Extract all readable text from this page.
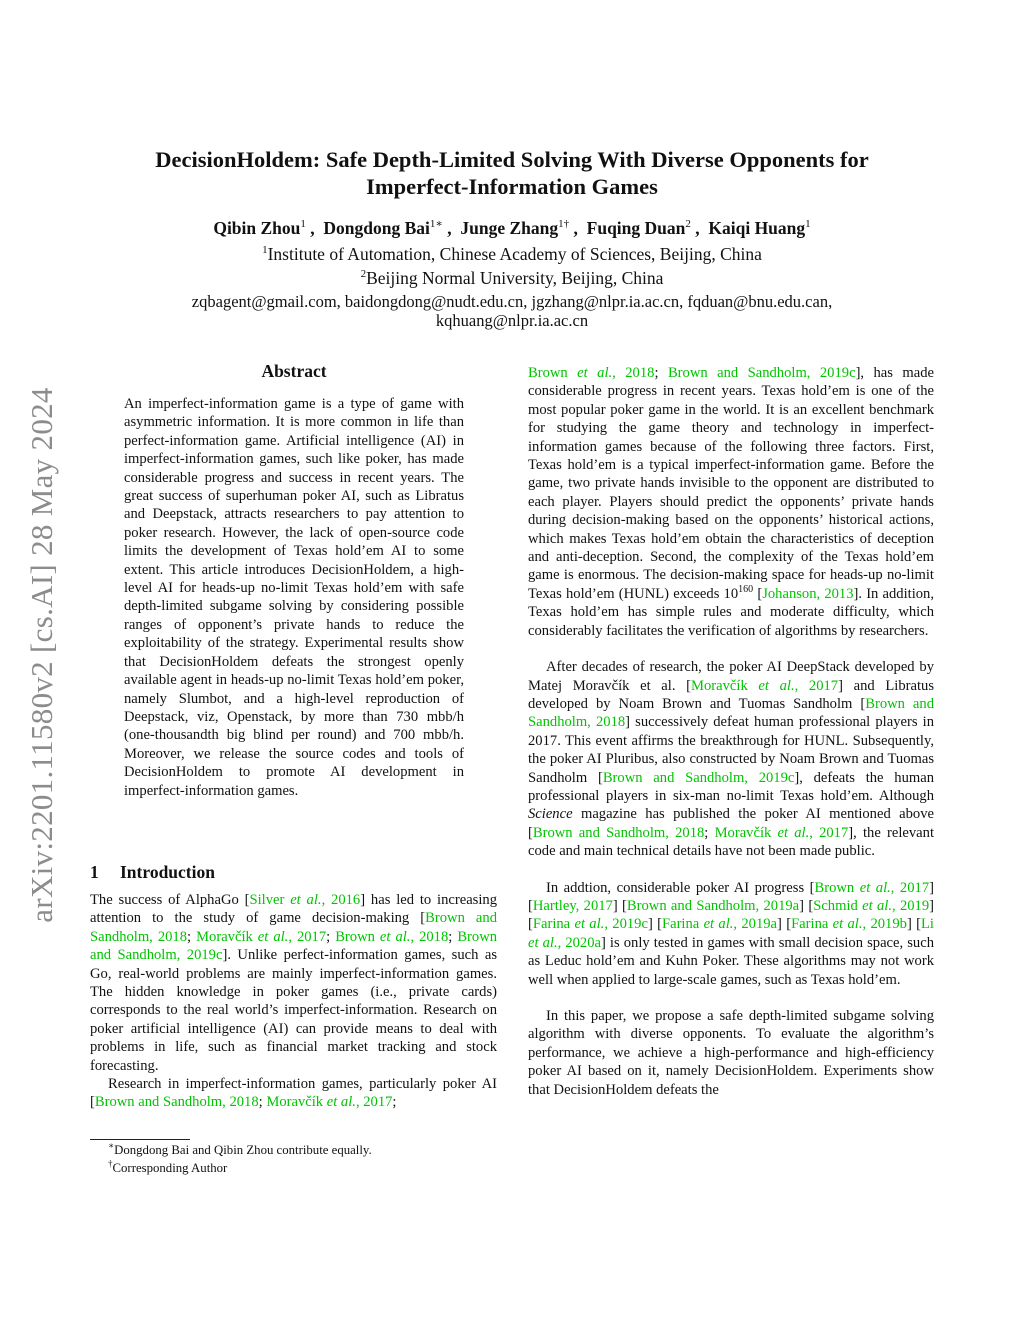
arXiv:2201.11580v2 [cs.AI] 28 May 2024
DecisionHoldem: Safe Depth-Limited Solving With Diverse Opponents for
Imperfect-Information Games
Qibin Zhou$^1$ ,  Dongdong Bai$^{1∗}$ ,  Junge Zhang$^{1\dagger}$ ,  Fuqing Duan$^2$ ,  Kaiqi Huang$^1$
$^1$Institute of Automation, Chinese Academy of Sciences, Beijing, China
$^2$Beijing Normal University, Beijing, China
zqbagent@gmail.com, baidongdong@nudt.edu.cn, jgzhang@nlpr.ia.ac.cn, fqduan@bnu.edu.can,
kqhuang@nlpr.ia.ac.cn
Abstract

An imperfect-information game is a type of game with asymmetric information. It is more common in life than perfect-information game. Artificial intelligence (AI) in imperfect-information games, such like poker, has made considerable progress and success in recent years. The great success of superhuman poker AI, such as Libratus and Deepstack, attracts researchers to pay attention to poker research. However, the lack of open-source code limits the development of Texas hold’em AI to some extent. This article introduces DecisionHoldem, a high-level AI for heads-up no-limit Texas hold’em with safe depth-limited subgame solving by considering possible ranges of opponent’s private hands to reduce the exploitability of the strategy. Experimental results show that DecisionHoldem defeats the strongest openly available agent in heads-up no-limit Texas hold’em poker, namely Slumbot, and a high-level reproduction of Deepstack, viz, Openstack, by more than 730 mbb/h (one-thousandth big blind per round) and 700 mbb/h. Moreover, we release the source codes and tools of DecisionHoldem to promote AI development in imperfect-information games.

1 Introduction

The success of AlphaGo [Silver et al., 2016] has led to increasing attention to the study of game decision-making [Brown and Sandholm, 2018; Moravčík et al., 2017; Brown et al., 2018; Brown and Sandholm, 2019c]. Unlike perfect-information games, such as Go, real-world problems are mainly imperfect-information games. The hidden knowledge in poker games (i.e., private cards) corresponds to the real world’s imperfect-information. Research on poker artificial intelligence (AI) can provide means to deal with problems in life, such as financial market tracking and stock forecasting.

Research in imperfect-information games, particularly poker AI [Brown and Sandholm, 2018; Moravčík et al., 2017;

∗Dongdong Bai and Qibin Zhou contribute equally.
†Corresponding Author

Brown et al., 2018; Brown and Sandholm, 2019c], has made considerable progress in recent years. Texas hold’em is one of the most popular poker game in the world. It is an excellent benchmark for studying the game theory and technology in imperfect-information games because of the following three factors. First, Texas hold’em is a typical imperfect-information game. Before the game, two private hands invisible to the opponent are distributed to each player. Players should predict the opponents’ private hands during decision-making based on the opponents’ historical actions, which makes Texas hold’em obtain the characteristics of deception and anti-deception. Second, the complexity of the Texas hold’em game is enormous. The decision-making space for heads-up no-limit Texas hold’em (HUNL) exceeds $10^{160}$ [Johanson, 2013]. In addition, Texas hold’em has simple rules and moderate difficulty, which considerably facilitates the verification of algorithms by researchers.

After decades of research, the poker AI DeepStack developed by Matej Moravčík et al. [Moravčík et al., 2017] and Libratus developed by Noam Brown and Tuomas Sandholm [Brown and Sandholm, 2018] successively defeat human professional players in 2017. This event affirms the breakthrough for HUNL. Subsequently, the poker AI Pluribus, also constructed by Noam Brown and Tuomas Sandholm [Brown and Sandholm, 2019c], defeats the human professional players in six-man no-limit Texas hold’em. Although Science magazine has published the poker AI mentioned above [Brown and Sandholm, 2018; Moravčík et al., 2017], the relevant code and main technical details have not been made public.

In addtion, considerable poker AI progress [Brown et al., 2017] [Hartley, 2017] [Brown and Sandholm, 2019a] [Schmid et al., 2019] [Farina et al., 2019c] [Farina et al., 2019a] [Farina et al., 2019b] [Li et al., 2020a] is only tested in games with small decision space, such as Leduc hold’em and Kuhn Poker. These algorithms may not work well when applied to large-scale games, such as Texas hold’em.

In this paper, we propose a safe depth-limited subgame solving algorithm with diverse opponents. To evaluate the algorithm’s performance, we achieve a high-performance and high-efficiency poker AI based on it, namely DecisionHoldem. Experiments show that DecisionHoldem defeats the
